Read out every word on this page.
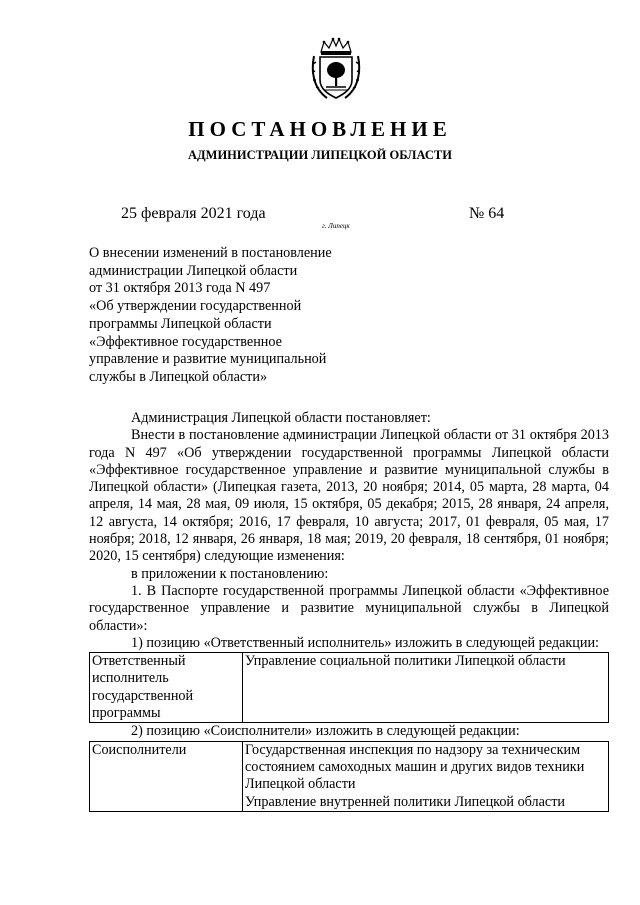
ПОСТАНОВЛЕНИЕ
АДМИНИСТРАЦИИ ЛИПЕЦКОЙ ОБЛАСТИ
25 февраля 2021 года
г. Липецк
№ 64
О внесении изменений в постановление
администрации Липецкой области
от 31 октября 2013 года N 497
«Об утверждении государственной
программы Липецкой области
«Эффективное государственное
управление и развитие муниципальной
службы в Липецкой области»

Администрация Липецкой области постановляет:

Внести в постановление администрации Липецкой области от 31 октября 2013 года N 497 «Об утверждении государственной программы Липецкой области «Эффективное государственное управление и развитие муниципальной службы в Липецкой области» (Липецкая газета, 2013, 20 ноября; 2014, 05 марта, 28 марта, 04 апреля, 14 мая, 28 мая, 09 июля, 15 октября, 05 декабря; 2015, 28 января, 24 апреля, 12 августа, 14 октября; 2016, 17 февраля, 10 августа; 2017, 01 февраля, 05 мая, 17 ноября; 2018, 12 января, 26 января, 18 мая; 2019, 20 февраля, 18 сентября, 01 ноября; 2020, 15 сентября) следующие изменения:

в приложении к постановлению:

1. В Паспорте государственной программы Липецкой области «Эффективное государственное управление и развитие муниципальной службы в Липецкой области»:

1) позицию «Ответственный исполнитель» изложить в следующей редакции:

Ответственный исполнитель государственной программы	Управление социальной политики Липецкой области

2) позицию «Соисполнители» изложить в следующей редакции:

Соисполнители	Государственная инспекция по надзору за техническим состоянием самоходных машин и других видов техники Липецкой области
Управление внутренней политики Липецкой области
